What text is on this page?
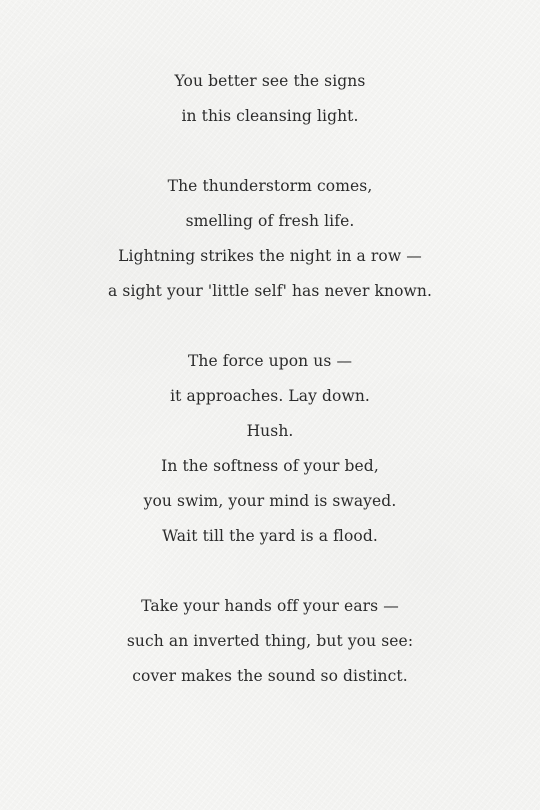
You better see the signs
in this cleansing light.
The thunderstorm comes,
smelling of fresh life.
Lightning strikes the night in a row —
a sight your 'little self' has never known.
The force upon us —
it approaches. Lay down.
Hush.
In the softness of your bed,
you swim, your mind is swayed.
Wait till the yard is a flood.
Take your hands off your ears —
such an inverted thing, but you see:
cover makes the sound so distinct.
